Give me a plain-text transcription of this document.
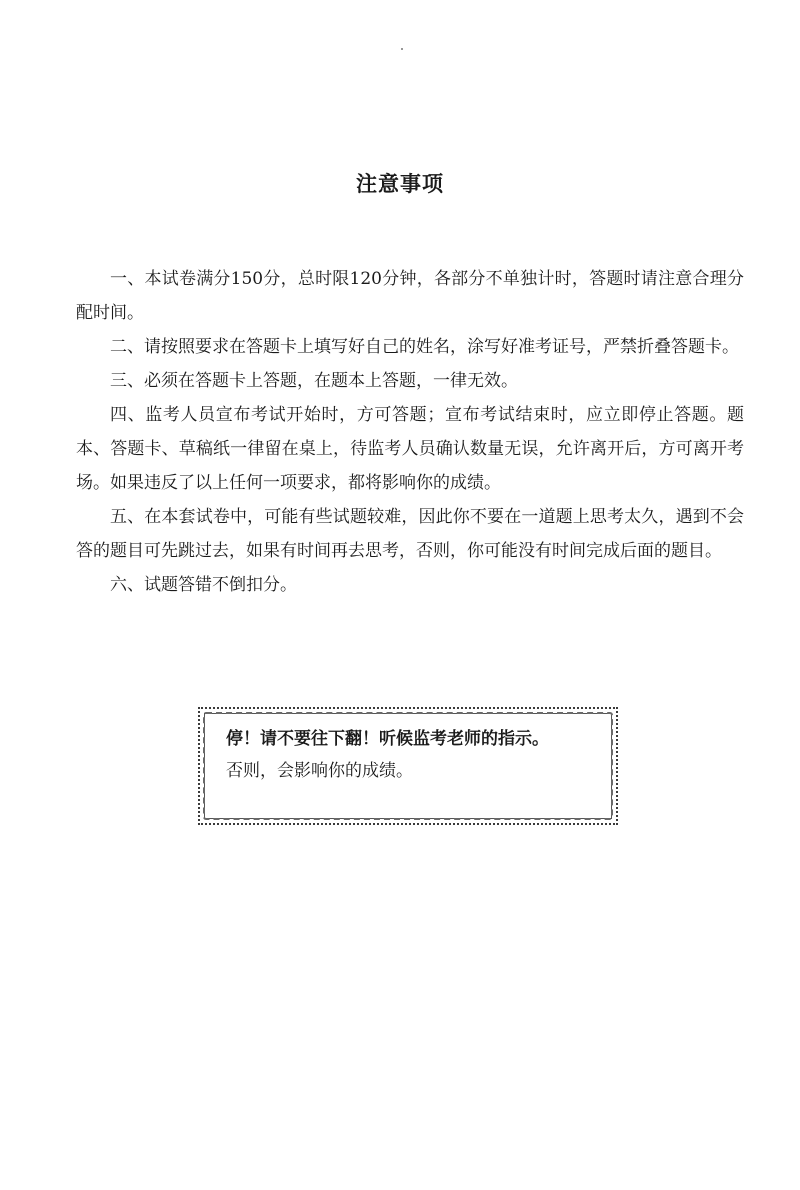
注意事项
一、本试卷满分150分，总时限120分钟，各部分不单独计时，答题时请注意合理分配时间。
二、请按照要求在答题卡上填写好自己的姓名，涂写好准考证号，严禁折叠答题卡。
三、必须在答题卡上答题，在题本上答题，一律无效。
四、监考人员宣布考试开始时，方可答题；宣布考试结束时，应立即停止答题。题本、答题卡、草稿纸一律留在桌上，待监考人员确认数量无误，允许离开后，方可离开考场。如果违反了以上任何一项要求，都将影响你的成绩。
五、在本套试卷中，可能有些试题较难，因此你不要在一道题上思考太久，遇到不会答的题目可先跳过去，如果有时间再去思考，否则，你可能没有时间完成后面的题目。
六、试题答错不倒扣分。

停！请不要往下翻！听候监考老师的指示。

否则，会影响你的成绩。
